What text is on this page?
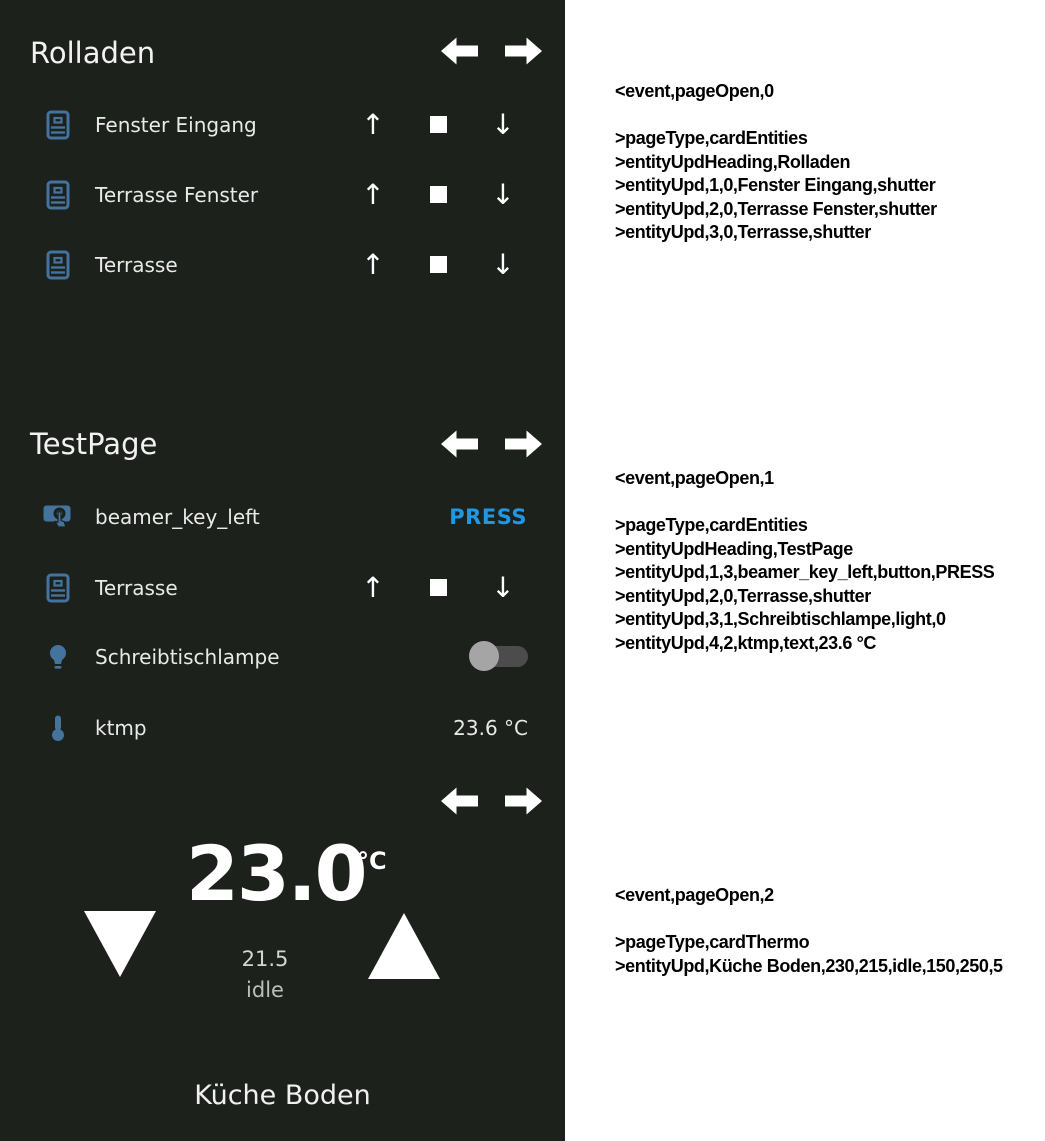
Rolladen
Fenster Eingang	↑	↓
Terrasse Fenster	↑	↓
Terrasse	↑	↓
TestPage
beamer_key_left	PRESS
Terrasse	↑	↓
Schreibtischlampe
ktmp	23.6 °C
23.0
°C
21.5
idle
Küche Boden
<event,pageOpen,0
>pageType,cardEntities
>entityUpdHeading,Rolladen
>entityUpd,1,0,Fenster Eingang,shutter
>entityUpd,2,0,Terrasse Fenster,shutter
>entityUpd,3,0,Terrasse,shutter
<event,pageOpen,1
>pageType,cardEntities
>entityUpdHeading,TestPage
>entityUpd,1,3,beamer_key_left,button,PRESS
>entityUpd,2,0,Terrasse,shutter
>entityUpd,3,1,Schreibtischlampe,light,0
>entityUpd,4,2,ktmp,text,23.6 °C
<event,pageOpen,2
>pageType,cardThermo
>entityUpd,Küche Boden,230,215,idle,150,250,5
